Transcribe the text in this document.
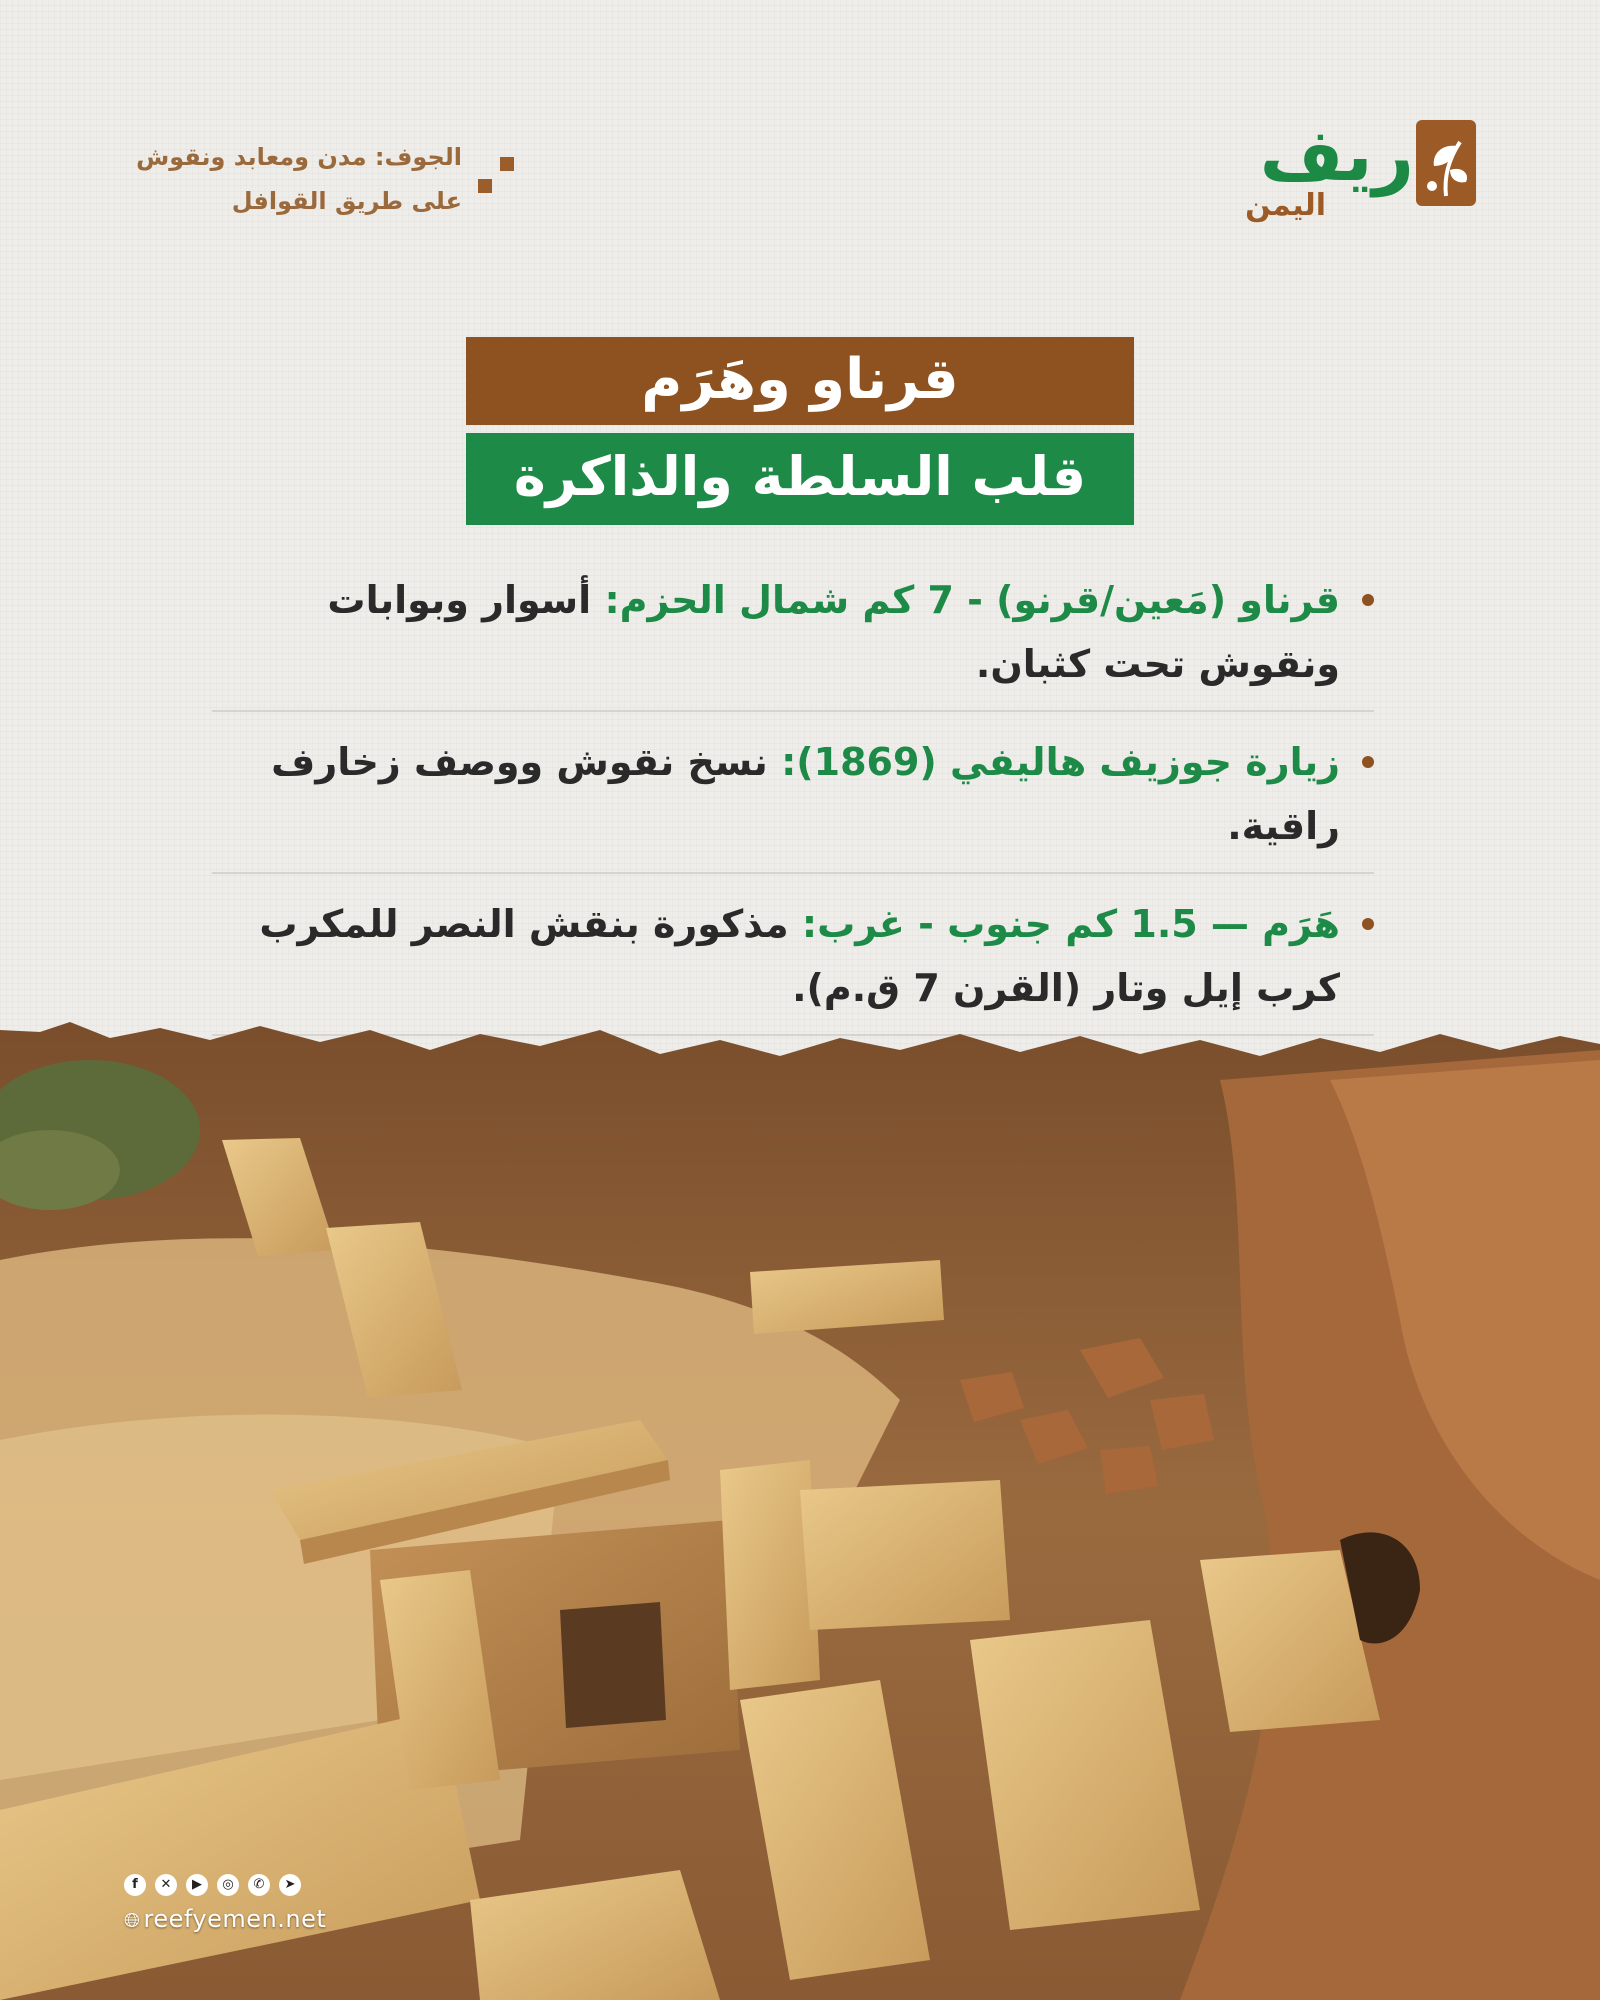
الجوف: مدن ومعابد ونقوش
على طريق القوافل
ريف
اليمن
قرناو وهَرَم
قلب السلطة والذاكرة
قرناو (مَعين/قرنو) - 7 كم شمال الحزم: أسوار وبوابات ونقوش تحت كثبان.
زيارة جوزيف هاليفي (1869): نسخ نقوش ووصف زخارف راقية.
هَرَم — 1.5 كم جنوب - غرب: مذكورة بنقش النصر للمكرب كرب إيل وتار (القرن 7 ق.م).
f	✕	▶	◎	✆	➤
🌐︎ reefyemen.net
